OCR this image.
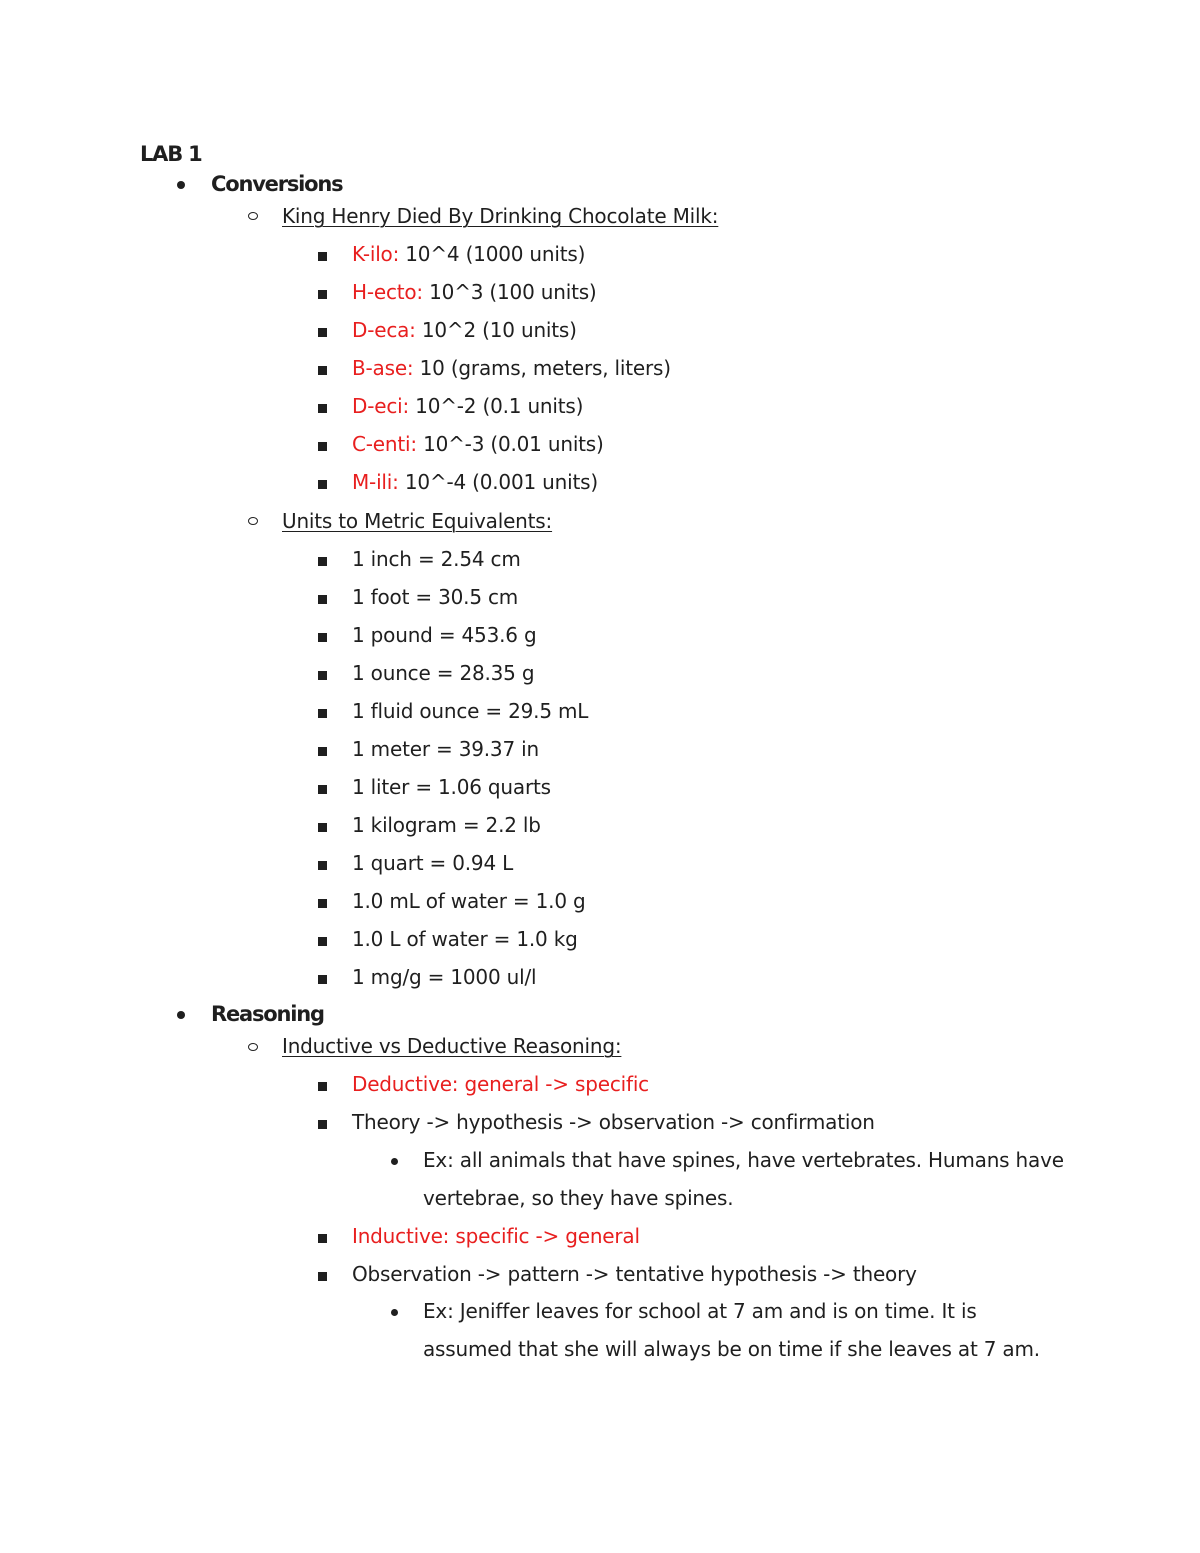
LAB 1
Conversions
King Henry Died By Drinking Chocolate Milk:
K-ilo: 10^4 (1000 units)
H-ecto: 10^3 (100 units)
D-eca: 10^2 (10 units)
B-ase: 10 (grams, meters, liters)
D-eci: 10^-2 (0.1 units)
C-enti: 10^-3 (0.01 units)
M-ili: 10^-4 (0.001 units)
Units to Metric Equivalents:
1 inch = 2.54 cm
1 foot = 30.5 cm
1 pound = 453.6 g
1 ounce = 28.35 g
1 fluid ounce = 29.5 mL
1 meter = 39.37 in
1 liter = 1.06 quarts
1 kilogram = 2.2 lb
1 quart = 0.94 L
1.0 mL of water = 1.0 g
1.0 L of water = 1.0 kg
1 mg/g = 1000 ul/l
Reasoning
Inductive vs Deductive Reasoning:
Deductive: general -> specific
Theory -> hypothesis -> observation -> confirmation
Ex: all animals that have spines, have vertebrates. Humans have
vertebrae, so they have spines.
Inductive: specific -> general
Observation -> pattern -> tentative hypothesis -> theory
Ex: Jeniffer leaves for school at 7 am and is on time. It is
assumed that she will always be on time if she leaves at 7 am.
